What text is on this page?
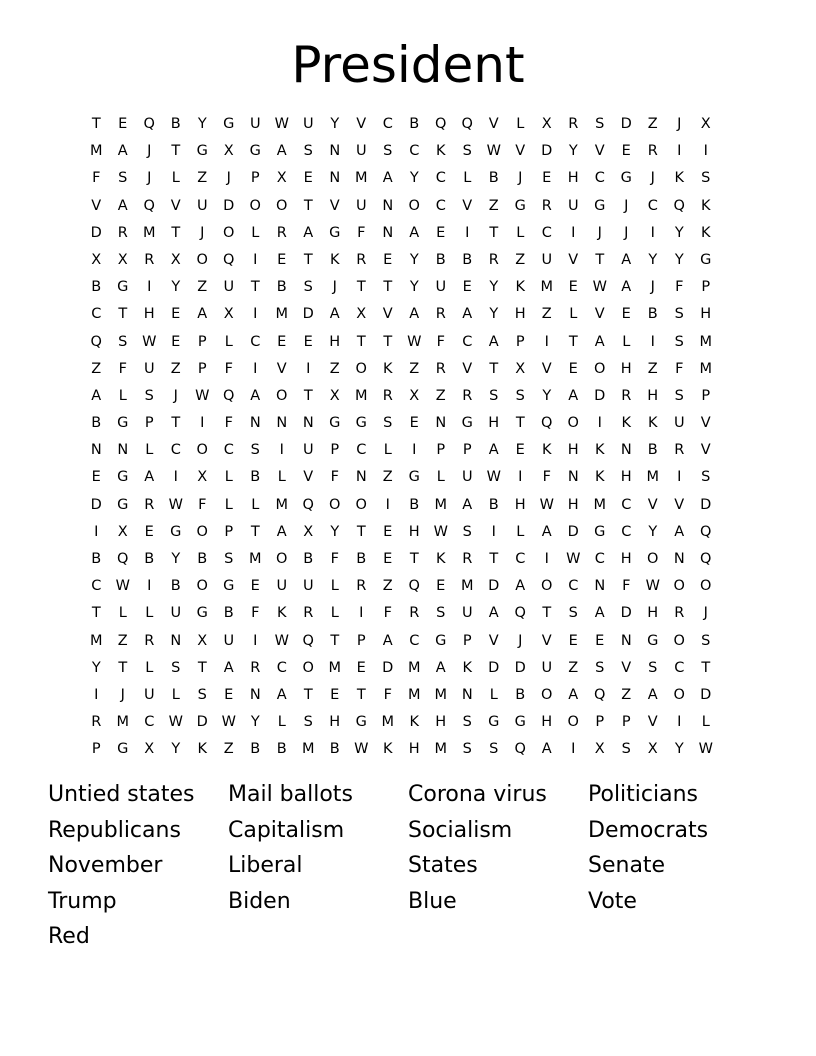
President
T	E	Q	B	Y	G	U W U	Y	V	C	B	Q	Q	V	L	X	R	S	D	Z	J	X
M	A	J	T	G	X	G	A	S	N	U	S	C	K	S	W V	D	Y	V	E	R	I	I
F	S	J	L	Z	J	P	X	E	N	M	A	Y	C	L	B	J	E	H	C	G	J	K	S
V	A	Q	V	U	D	O	O	T	V	U	N	O	C	V	Z	G	R	U	G	J	C	Q	K
D	R	M	T	J	O	L	R	A	G	F	N	A	E	I	T	L	C	I	J	J	I	Y	K
X	X	R	X	O	Q	I	E	T	K	R	E	Y	B	B	R	Z	U	V	T	A	Y	Y	G
B	G	I	Y	Z	U	T	B	S	J	T	T	Y	U	E	Y	K	M	E	W A	J	F	P
C	T	H	E	A	X	I	M	D	A	X	V	A	R	A	Y	H	Z	L	V	E	B	S	H
Q	S	W	E	P	L	C	E	E	H	T	T	W	F	C	A	P	I	T	A	L	I	S	M
Z	F	U	Z	P	F	I	V	I	Z	O	K	Z	R	V	T	X	V	E	O	H	Z	F	M
A	L	S	J	W Q	A	O	T	X	M	R	X	Z	R	S	S	Y	A	D	R	H	S	P
B	G	P	T	I	F	N	N	N	G	G	S	E	N	G	H	T	Q	O	I	K	K	U	V
N	N	L	C	O	C	S	I	U	P	C	L	I	P	P	A	E	K	H	K	N	B	R	V
E	G	A	I	X	L	B	L	V	F	N	Z	G	L	U W	I	F	N	K	H	M	I	S
D	G	R W	F	L	L	M	Q	O	O	I	B	M	A	B	H W H	M	C	V	V	D
I	X	E	G	O	P	T	A	X	Y	T	E	H W	S	I	L	A	D	G	C	Y	A	Q
B	Q	B	Y	B	S	M	O	B	F	B	E	T	K	R	T	C	I	W C	H	O	N	Q
C W	I	B	O	G	E	U	U	L	R	Z	Q	E	M	D	A	O	C	N	F	W O	O
T	L	L	U	G	B	F	K	R	L	I	F	R	S	U	A	Q	T	S	A	D	H	R	J
M	Z	R	N	X	U	I	W Q	T	P	A	C	G	P	V	J	V	E	E	N	G	O	S
Y	T	L	S	T	A	R	C	O	M	E	D	M	A	K	D	D	U	Z	S	V	S	C	T
I	J	U	L	S	E	N	A	T	E	T	F	M M	N	L	B	O	A	Q	Z	A	O	D
R	M	C W D W	Y	L	S	H	G	M	K	H	S	G	G	H	O	P	P	V	I	L
P	G	X	Y	K	Z	B	B	M	B W	K	H	M	S	S	Q	A	I	X	S	X	Y	W
Untied states	Mail ballots	Corona virus	Politicians
Republicans	Capitalism	Socialism	Democrats
November	Liberal	States	Senate
Trump	Biden	Blue	Vote
Red
